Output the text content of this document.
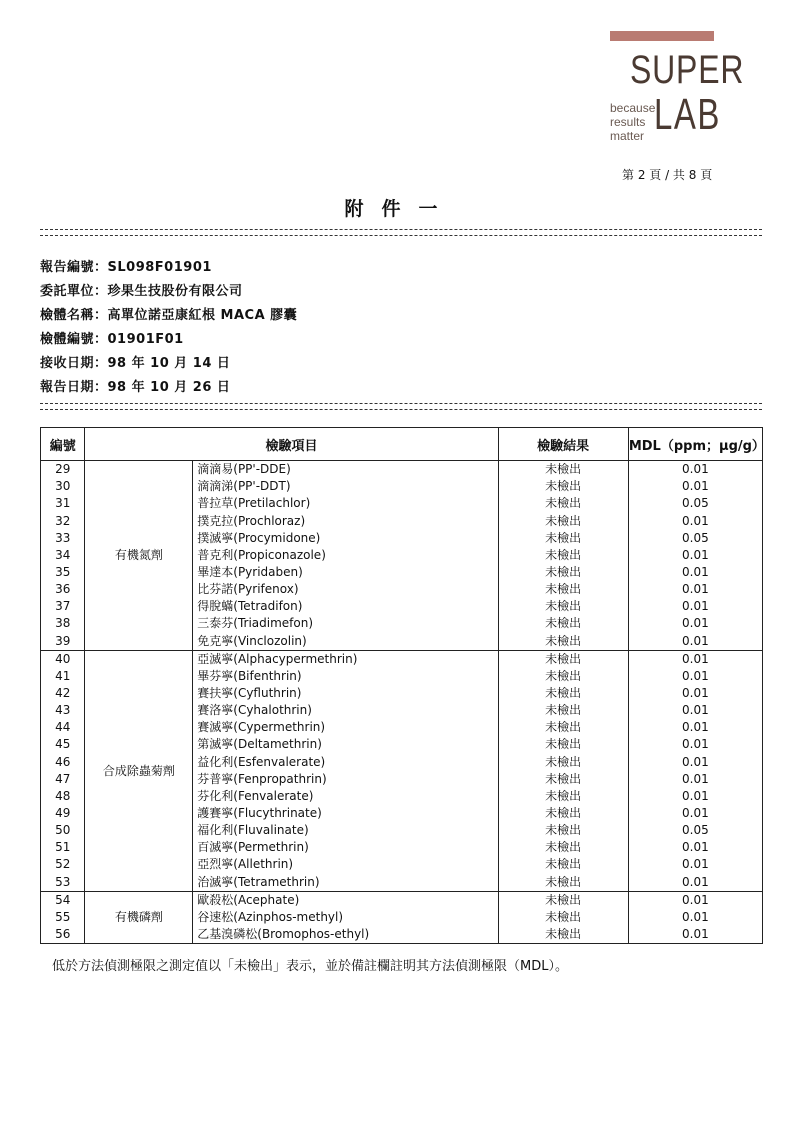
SUPER
LAB
because
results
matter
第 2 頁 / 共 8 頁
附件一
報告編號：SL098F01901
委託單位：珍果生技股份有限公司
檢體名稱：高單位諾亞康紅根 MACA 膠囊
檢體編號：01901F01
接收日期：98 年 10 月 14 日
報告日期：98 年 10 月 26 日
編號	檢驗項目		檢驗結果	MDL（ppm；μg/g）
29	有機氮劑	滴滴易(PP'-DDE)	未檢出	0.01
30		滴滴涕(PP'-DDT)	未檢出	0.01
31		普拉草(Pretilachlor)	未檢出	0.05
32		撲克拉(Prochloraz)	未檢出	0.01
33		撲滅寧(Procymidone)	未檢出	0.05
34		普克利(Propiconazole)	未檢出	0.01
35		畢達本(Pyridaben)	未檢出	0.01
36		比芬諾(Pyrifenox)	未檢出	0.01
37		得脫蟎(Tetradifon)	未檢出	0.01
38		三泰芬(Triadimefon)	未檢出	0.01
39		免克寧(Vinclozolin)	未檢出	0.01
40	合成除蟲菊劑	亞滅寧(Alphacypermethrin)	未檢出	0.01
41		畢芬寧(Bifenthrin)	未檢出	0.01
42		賽扶寧(Cyfluthrin)	未檢出	0.01
43		賽洛寧(Cyhalothrin)	未檢出	0.01
44		賽滅寧(Cypermethrin)	未檢出	0.01
45		第滅寧(Deltamethrin)	未檢出	0.01
46		益化利(Esfenvalerate)	未檢出	0.01
47		芬普寧(Fenpropathrin)	未檢出	0.01
48		芬化利(Fenvalerate)	未檢出	0.01
49		護賽寧(Flucythrinate)	未檢出	0.01
50		福化利(Fluvalinate)	未檢出	0.05
51		百滅寧(Permethrin)	未檢出	0.01
52		亞烈寧(Allethrin)	未檢出	0.01
53		治滅寧(Tetramethrin)	未檢出	0.01
54	有機磷劑	歐殺松(Acephate)	未檢出	0.01
55		谷速松(Azinphos-methyl)	未檢出	0.01
56		乙基溴磷松(Bromophos-ethyl)	未檢出	0.01
低於方法偵測極限之測定值以「未檢出」表示，並於備註欄註明其方法偵測極限（MDL）。
